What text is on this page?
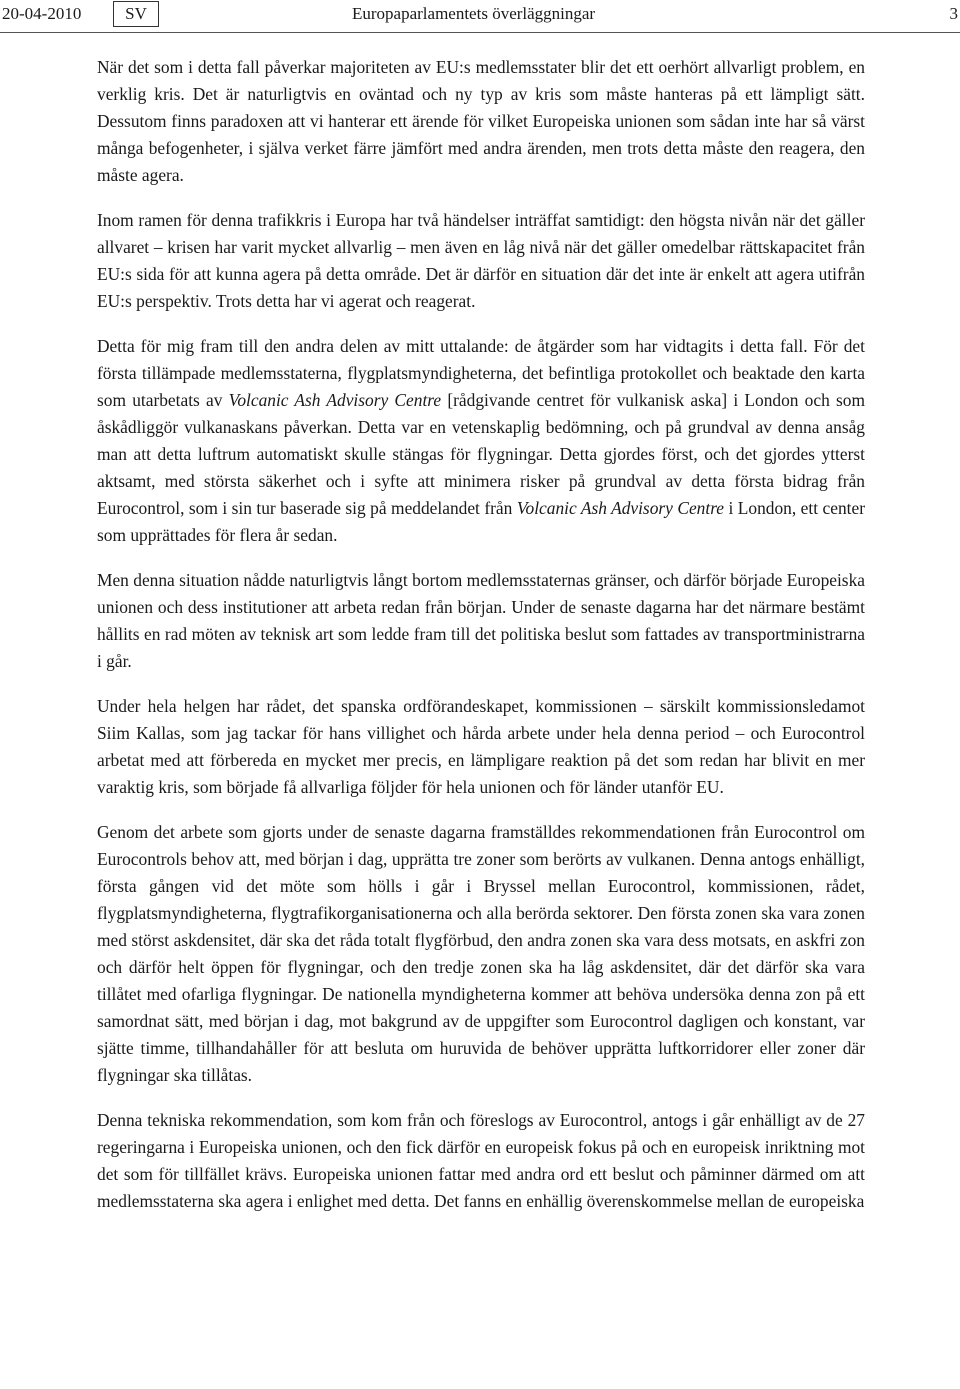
20-04-2010	SV	Europaparlamentets överläggningar	3

När det som i detta fall påverkar majoriteten av EU:s medlemsstater blir det ett oerhört allvarligt problem, en verklig kris. Det är naturligtvis en oväntad och ny typ av kris som måste hanteras på ett lämpligt sätt. Dessutom finns paradoxen att vi hanterar ett ärende för vilket Europeiska unionen som sådan inte har så värst många befogenheter, i själva verket färre jämfört med andra ärenden, men trots detta måste den reagera, den måste agera.

Inom ramen för denna trafikkris i Europa har två händelser inträffat samtidigt: den högsta nivån när det gäller allvaret – krisen har varit mycket allvarlig – men även en låg nivå när det gäller omedelbar rättskapacitet från EU:s sida för att kunna agera på detta område. Det är därför en situation där det inte är enkelt att agera utifrån EU:s perspektiv. Trots detta har vi agerat och reagerat.

Detta för mig fram till den andra delen av mitt uttalande: de åtgärder som har vidtagits i detta fall. För det första tillämpade medlemsstaterna, flygplatsmyndigheterna, det befintliga protokollet och beaktade den karta som utarbetats av Volcanic Ash Advisory Centre [rådgivande centret för vulkanisk aska] i London och som åskådliggör vulkanaskans påverkan. Detta var en vetenskaplig bedömning, och på grundval av denna ansåg man att detta luftrum automatiskt skulle stängas för flygningar. Detta gjordes först, och det gjordes ytterst aktsamt, med största säkerhet och i syfte att minimera risker på grundval av detta första bidrag från Eurocontrol, som i sin tur baserade sig på meddelandet från Volcanic Ash Advisory Centre i London, ett center som upprättades för flera år sedan.

Men denna situation nådde naturligtvis långt bortom medlemsstaternas gränser, och därför började Europeiska unionen och dess institutioner att arbeta redan från början. Under de senaste dagarna har det närmare bestämt hållits en rad möten av teknisk art som ledde fram till det politiska beslut som fattades av transportministrarna i går.

Under hela helgen har rådet, det spanska ordförandeskapet, kommissionen – särskilt kommissionsledamot Siim Kallas, som jag tackar för hans villighet och hårda arbete under hela denna period – och Eurocontrol arbetat med att förbereda en mycket mer precis, en lämpligare reaktion på det som redan har blivit en mer varaktig kris, som började få allvarliga följder för hela unionen och för länder utanför EU.

Genom det arbete som gjorts under de senaste dagarna framställdes rekommendationen från Eurocontrol om Eurocontrols behov att, med början i dag, upprätta tre zoner som berörts av vulkanen. Denna antogs enhälligt, första gången vid det möte som hölls i går i Bryssel mellan Eurocontrol, kommissionen, rådet, flygplatsmyndigheterna, flygtrafikorganisationerna och alla berörda sektorer. Den första zonen ska vara zonen med störst askdensitet, där ska det råda totalt flygförbud, den andra zonen ska vara dess motsats, en askfri zon och därför helt öppen för flygningar, och den tredje zonen ska ha låg askdensitet, där det därför ska vara tillåtet med ofarliga flygningar. De nationella myndigheterna kommer att behöva undersöka denna zon på ett samordnat sätt, med början i dag, mot bakgrund av de uppgifter som Eurocontrol dagligen och konstant, var sjätte timme, tillhandahåller för att besluta om huruvida de behöver upprätta luftkorridorer eller zoner där flygningar ska tillåtas.

Denna tekniska rekommendation, som kom från och föreslogs av Eurocontrol, antogs i går enhälligt av de 27 regeringarna i Europeiska unionen, och den fick därför en europeisk fokus på och en europeisk inriktning mot det som för tillfället krävs. Europeiska unionen fattar med andra ord ett beslut och påminner därmed om att medlemsstaterna ska agera i enlighet med detta. Det fanns en enhällig överenskommelse mellan de europeiska
